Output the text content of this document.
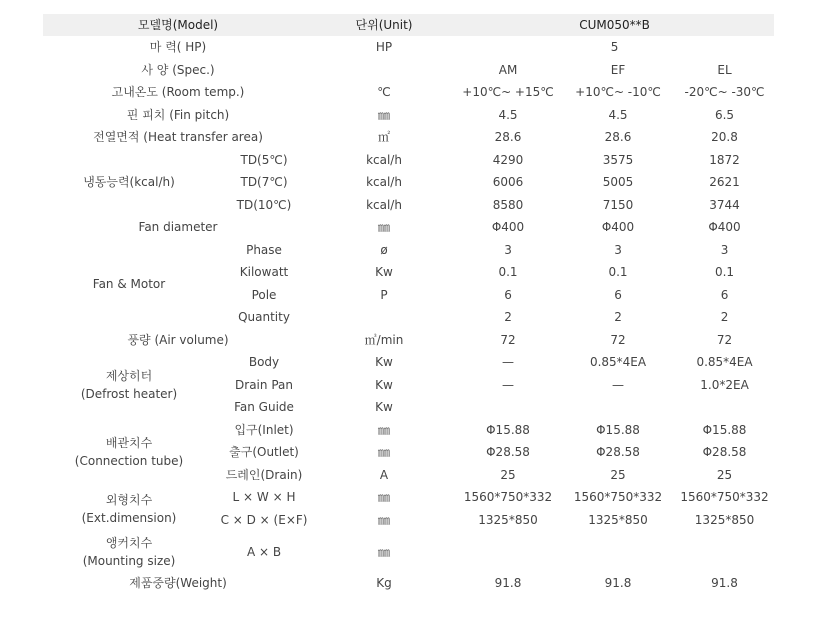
모델명(Model)		단위(Unit)	CUM050**B		
마 력( HP)		HP	5		
사 양 (Spec.)			AM	EF	EL
고내온도 (Room temp.)		℃	+10℃~ +15℃	+10℃~ -10℃	-20℃~ -30℃
핀 피치 (Fin pitch)		㎜	4.5	4.5	6.5
전열면적 (Heat transfer area)		㎡	28.6	28.6	20.8
냉동능력(kcal/h)	TD(5℃)	kcal/h	4290	3575	1872
	TD(7℃)	kcal/h	6006	5005	2621
	TD(10℃)	kcal/h	8580	7150	3744
Fan diameter		㎜	Φ400	Φ400	Φ400
Fan & Motor	Phase	ø	3	3	3
	Kilowatt	Kw	0.1	0.1	0.1
	Pole	P	6	6	6
	Quantity		2	2	2
풍량 (Air volume)		㎥/min	72	72	72
제상히터
(Defrost heater)	Body	Kw	—	0.85*4EA	0.85*4EA
	Drain Pan	Kw	—	—	1.0*2EA
	Fan Guide	Kw			
배관치수
(Connection tube)	입구(Inlet)	㎜	Φ15.88	Φ15.88	Φ15.88
	출구(Outlet)	㎜	Φ28.58	Φ28.58	Φ28.58
	드레인(Drain)	A	25	25	25
외형치수
(Ext.dimension)	L × W × H	㎜	1560*750*332	1560*750*332	1560*750*332
	C × D × (E×F)	㎜	1325*850	1325*850	1325*850
앵커치수
(Mounting size)	A × B	㎜			
제품중량(Weight)		Kg	91.8	91.8	91.8
